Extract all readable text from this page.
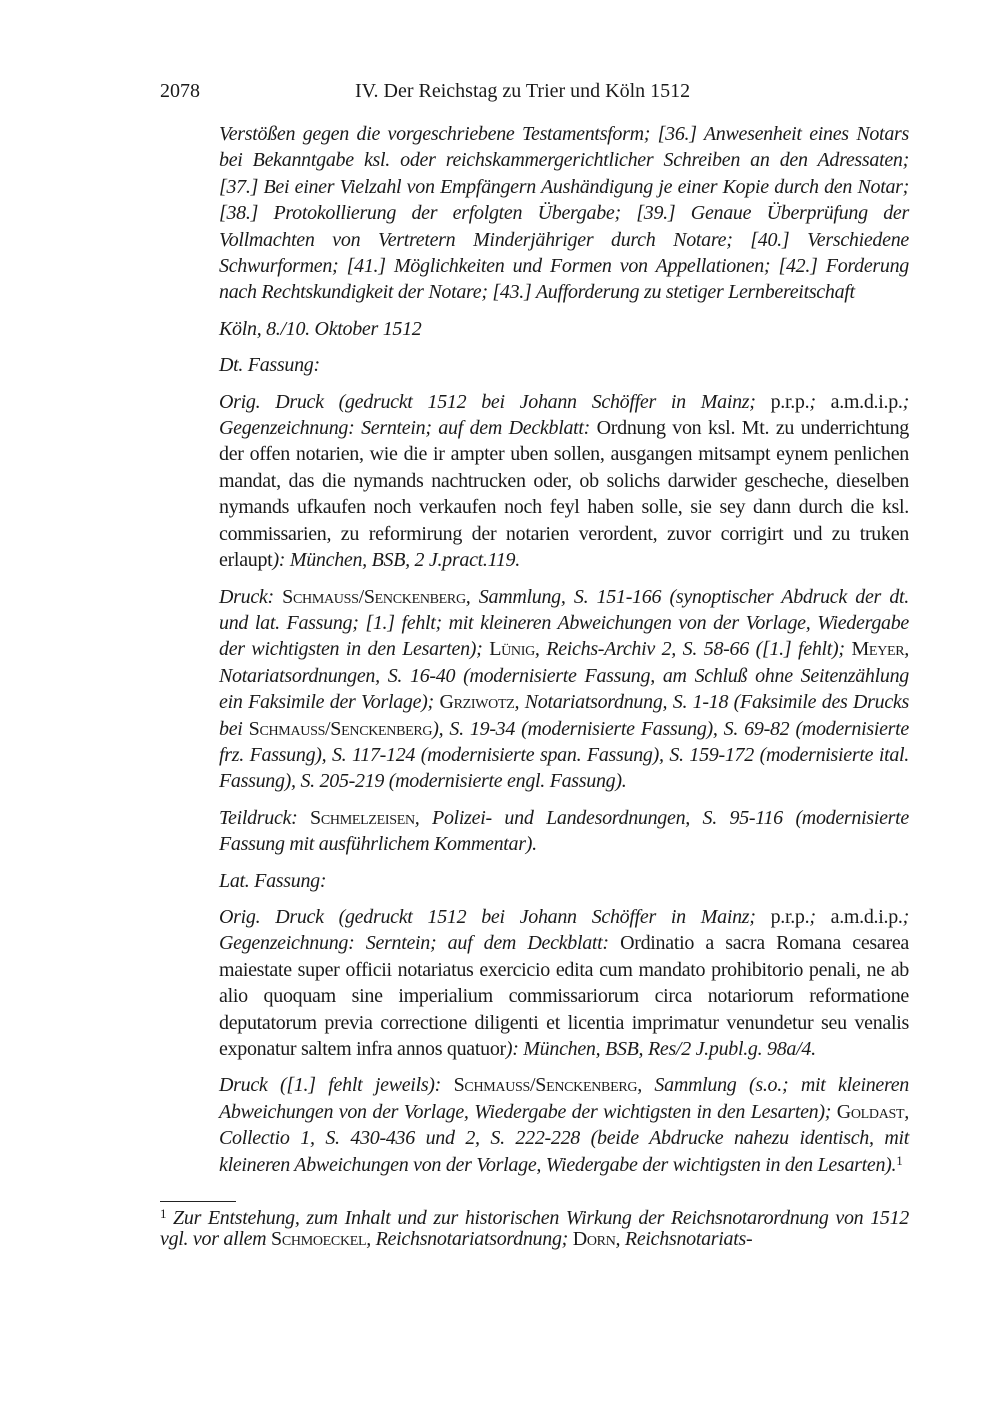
2078	IV. Der Reichstag zu Trier und Köln 1512

Verstößen gegen die vorgeschriebene Testamentsform; [36.] Anwesenheit eines Notars bei Bekanntgabe ksl. oder reichskammergerichtlicher Schreiben an den Adressaten; [37.] Bei einer Vielzahl von Empfängern Aushändigung je einer Kopie durch den Notar; [38.] Protokollierung der erfolgten Übergabe; [39.] Genaue Überprüfung der Vollmachten von Vertretern Minderjähriger durch Notare; [40.] Verschiedene Schwurformen; [41.] Möglichkeiten und Formen von Appellationen; [42.] Forderung nach Rechtskundigkeit der Notare; [43.] Aufforderung zu stetiger Lernbereitschaft

Köln, 8./10. Oktober 1512

Dt. Fassung:

Orig. Druck (gedruckt 1512 bei Johann Schöffer in Mainz; p.r.p.; a.m.d.i.p.; Gegenzeichnung: Serntein; auf dem Deckblatt: Ordnung von ksl. Mt. zu underrichtung der offen notarien, wie die ir ampter uben sollen, ausgangen mitsampt eynem penlichen mandat, das die nymands nachtrucken oder, ob solichs darwider gescheche, dieselben nymands ufkaufen noch verkaufen noch feyl haben solle, sie sey dann durch die ksl. commissarien, zu reformirung der notarien verordent, zuvor corrigirt und zu truken erlaupt): München, BSB, 2 J.pract.119.

Druck: Schmauss/Senckenberg, Sammlung, S. 151-166 (synoptischer Abdruck der dt. und lat. Fassung; [1.] fehlt; mit kleineren Abweichungen von der Vorlage, Wiedergabe der wichtigsten in den Lesarten); Lünig, Reichs-Archiv 2, S. 58-66 ([1.] fehlt); Meyer, Notariatsordnungen, S. 16-40 (modernisierte Fassung, am Schluß ohne Seitenzählung ein Faksimile der Vorlage); Grziwotz, Notariatsordnung, S. 1-18 (Faksimile des Drucks bei Schmauss/Senckenberg), S. 19-34 (modernisierte Fassung), S. 69-82 (modernisierte frz. Fassung), S. 117-124 (modernisierte span. Fassung), S. 159-172 (modernisierte ital. Fassung), S. 205-219 (modernisierte engl. Fassung).

Teildruck: Schmelzeisen, Polizei- und Landesordnungen, S. 95-116 (modernisierte Fassung mit ausführlichem Kommentar).

Lat. Fassung:

Orig. Druck (gedruckt 1512 bei Johann Schöffer in Mainz; p.r.p.; a.m.d.i.p.; Gegenzeichnung: Serntein; auf dem Deckblatt: Ordinatio a sacra Romana cesarea maiestate super officii notariatus exercicio edita cum mandato prohibitorio penali, ne ab alio quoquam sine imperialium commissariorum circa notariorum reformatione deputatorum previa correctione diligenti et licentia imprimatur venundetur seu venalis exponatur saltem infra annos quatuor): München, BSB, Res/2 J.publ.g. 98a/4.

Druck ([1.] fehlt jeweils): Schmauss/Senckenberg, Sammlung (s.o.; mit kleineren Abweichungen von der Vorlage, Wiedergabe der wichtigsten in den Lesarten); Goldast, Collectio 1, S. 430-436 und 2, S. 222-228 (beide Abdrucke nahezu identisch, mit kleineren Abweichungen von der Vorlage, Wiedergabe der wichtigsten in den Lesarten).$^1$

$^1$ Zur Entstehung, zum Inhalt und zur historischen Wirkung der Reichsnotarordnung von 1512 vgl. vor allem Schmoeckel, Reichsnotariatsordnung; Dorn, Reichsnotariats-
